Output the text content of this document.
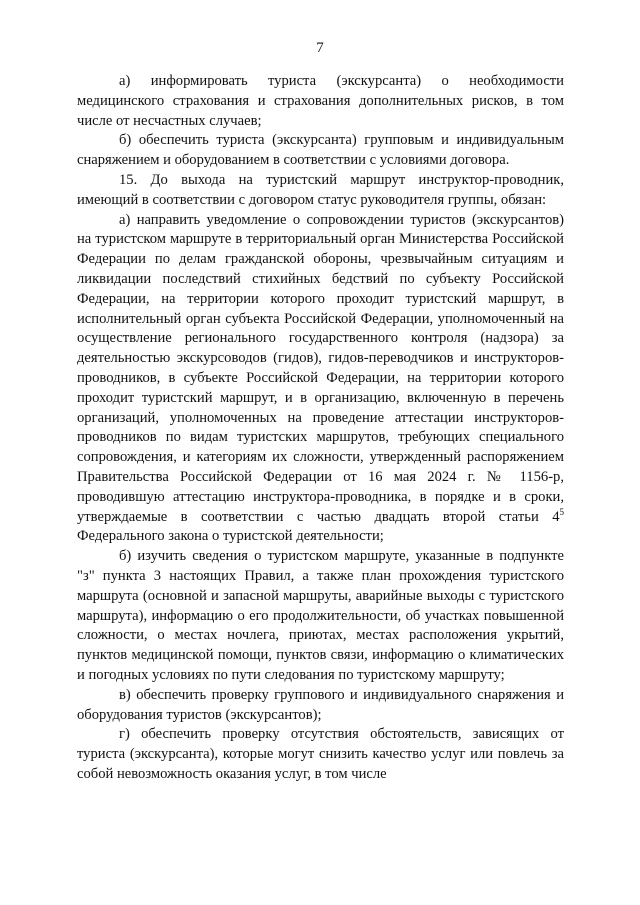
7

а) информировать туриста (экскурсанта) о необходимости медицинского страхования и страхования дополнительных рисков, в том числе от несчастных случаев;

б) обеспечить туриста (экскурсанта) групповым и индивидуальным снаряжением и оборудованием в соответствии с условиями договора.

15. До выхода на туристский маршрут инструктор-проводник, имеющий в соответствии с договором статус руководителя группы, обязан:

а) направить уведомление о сопровождении туристов (экскурсантов) на туристском маршруте в территориальный орган Министерства Российской Федерации по делам гражданской обороны, чрезвычайным ситуациям и ликвидации последствий стихийных бедствий по субъекту Российской Федерации, на территории которого проходит туристский маршрут, в исполнительный орган субъекта Российской Федерации, уполномоченный на осуществление регионального государственного контроля (надзора) за деятельностью экскурсоводов (гидов), гидов-переводчиков и инструкторов-проводников, в субъекте Российской Федерации, на территории которого проходит туристский маршрут, и в организацию, включенную в перечень организаций, уполномоченных на проведение аттестации инструкторов-проводников по видам туристских маршрутов, требующих специального сопровождения, и категориям их сложности, утвержденный распоряжением Правительства Российской Федерации от 16 мая 2024 г. № 1156-р, проводившую аттестацию инструктора-проводника, в порядке и в сроки, утверждаемые в соответствии с частью двадцать второй статьи $4^5$ Федерального закона о туристской деятельности;

б) изучить сведения о туристском маршруте, указанные в подпункте "з" пункта 3 настоящих Правил, а также план прохождения туристского маршрута (основной и запасной маршруты, аварийные выходы с туристского маршрута), информацию о его продолжительности, об участках повышенной сложности, о местах ночлега, приютах, местах расположения укрытий, пунктов медицинской помощи, пунктов связи, информацию о климатических и погодных условиях по пути следования по туристскому маршруту;

в) обеспечить проверку группового и индивидуального снаряжения и оборудования туристов (экскурсантов);

г) обеспечить проверку отсутствия обстоятельств, зависящих от туриста (экскурсанта), которые могут снизить качество услуг или повлечь за собой невозможность оказания услуг, в том числе
